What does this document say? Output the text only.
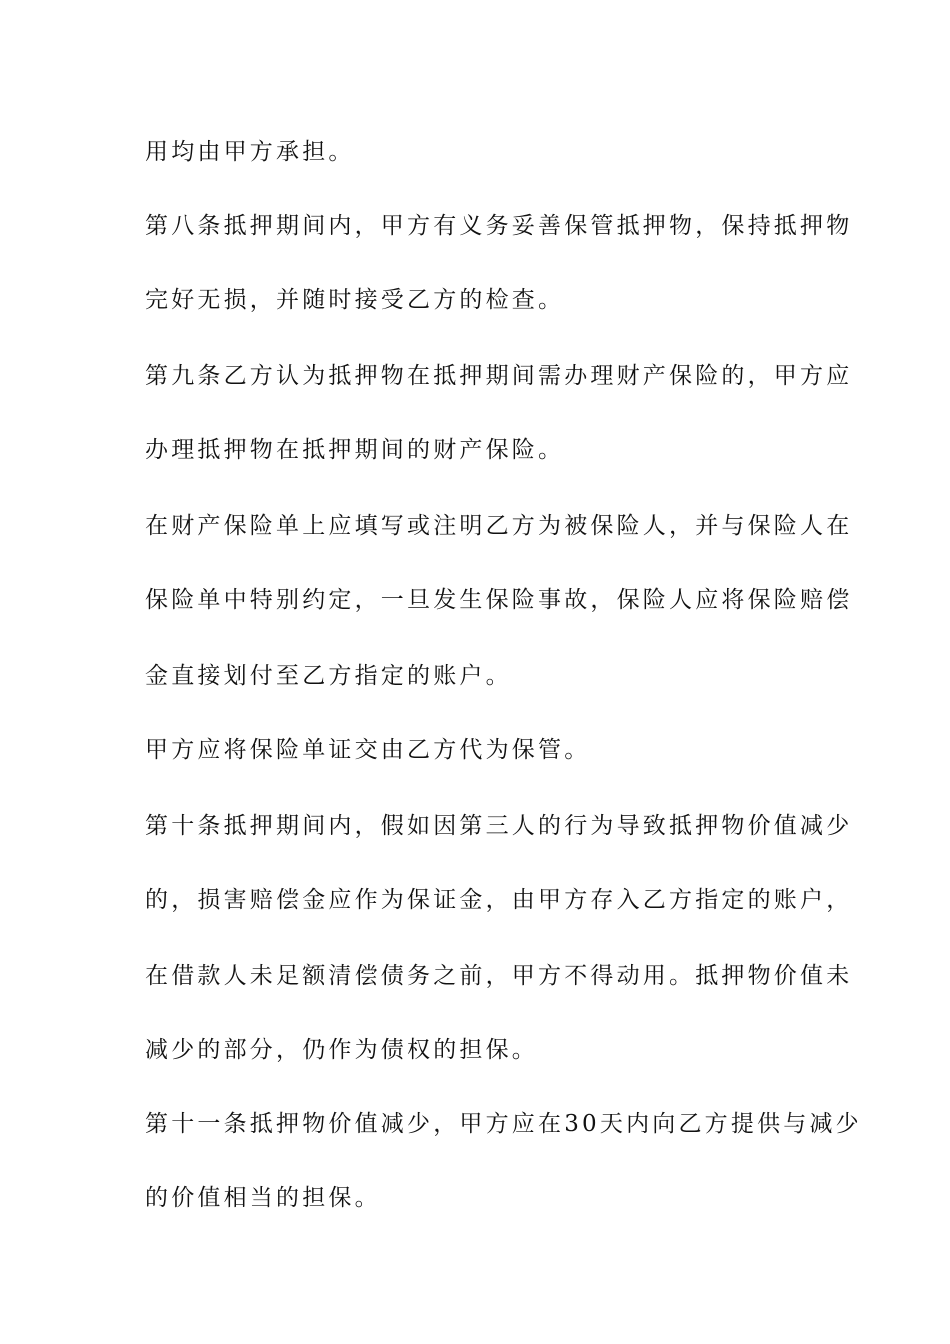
用均由甲方承担。
第八条抵押期间内，甲方有义务妥善保管抵押物，保持抵押物
完好无损，并随时接受乙方的检查。
第九条乙方认为抵押物在抵押期间需办理财产保险的，甲方应
办理抵押物在抵押期间的财产保险。
在财产保险单上应填写或注明乙方为被保险人，并与保险人在
保险单中特别约定，一旦发生保险事故，保险人应将保险赔偿
金直接划付至乙方指定的账户。
甲方应将保险单证交由乙方代为保管。
第十条抵押期间内，假如因第三人的行为导致抵押物价值减少
的，损害赔偿金应作为保证金，由甲方存入乙方指定的账户，
在借款人未足额清偿债务之前，甲方不得动用。抵押物价值未
减少的部分，仍作为债权的担保。
第十一条抵押物价值减少，甲方应在30天内向乙方提供与减少
的价值相当的担保。
